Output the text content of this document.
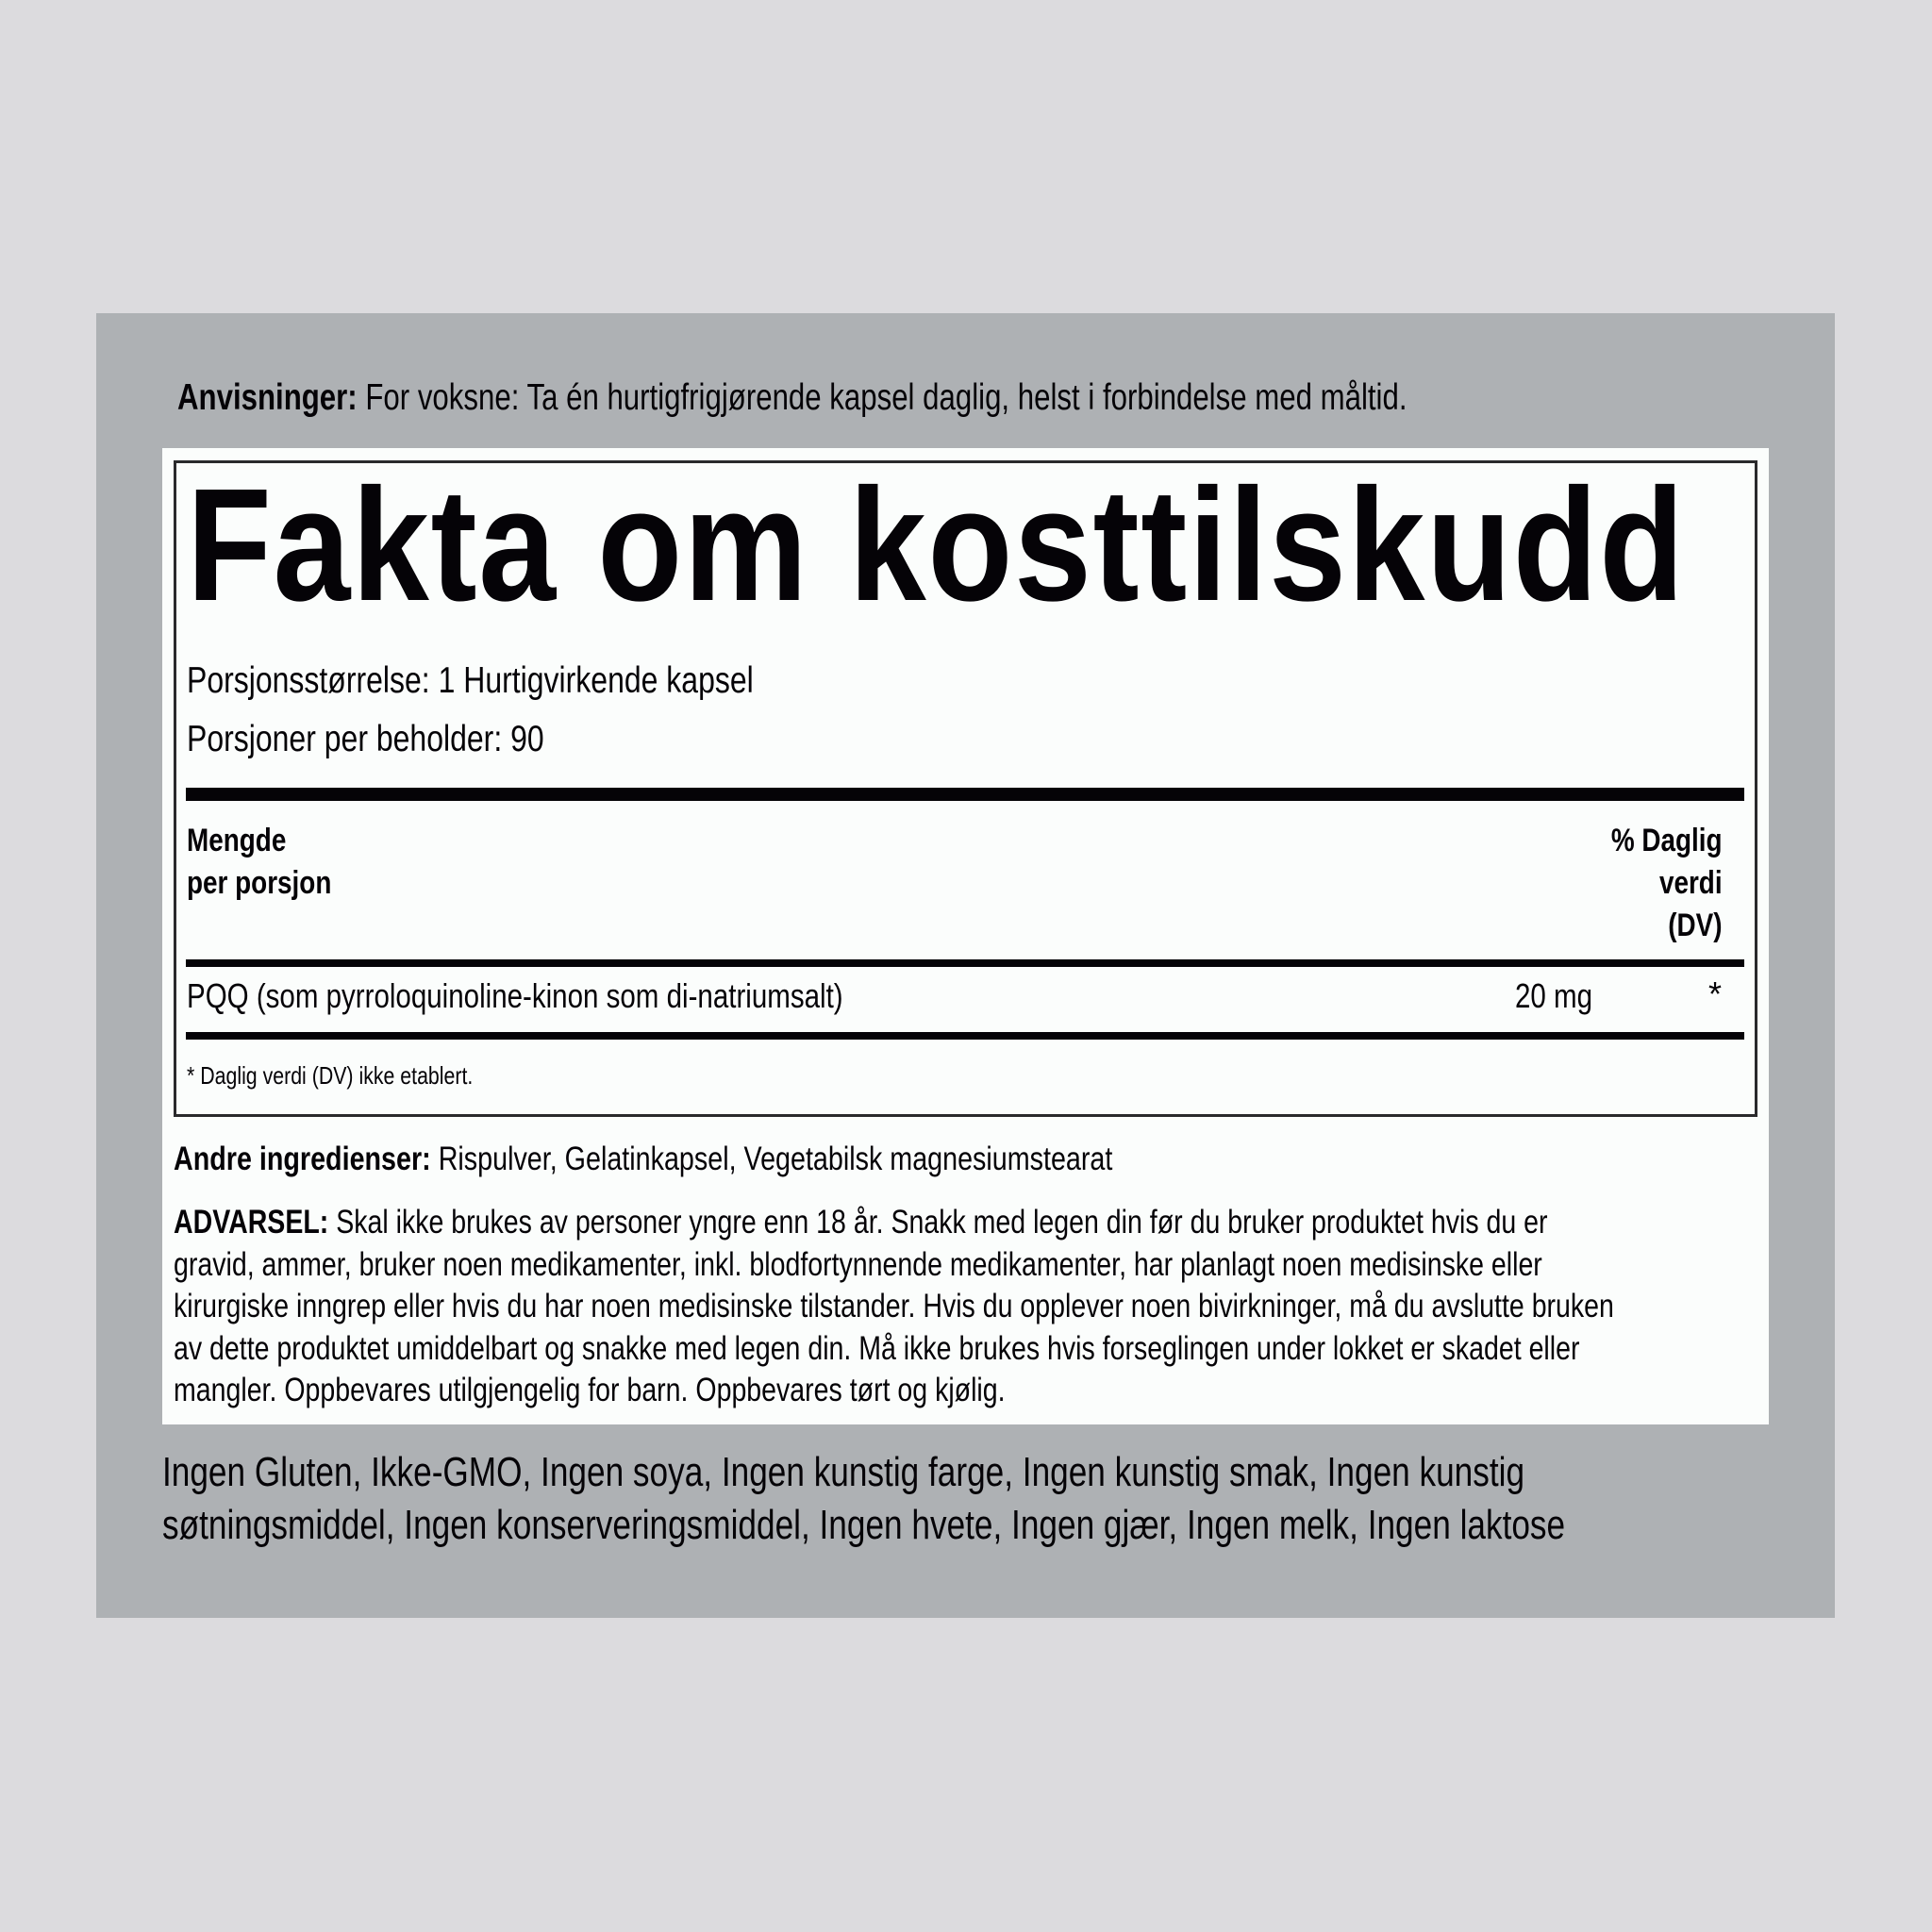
Anvisninger: For voksne: Ta én hurtigfrigjørende kapsel daglig, helst i forbindelse med måltid.
Fakta om kosttilskudd
Porsjonsstørrelse: 1 Hurtigvirkende kapsel
Porsjoner per beholder: 90
Mengde
per porsjon
% Daglig
verdi
(DV)
PQQ (som pyrroloquinoline-kinon som di-natriumsalt)	20 mg	*
* Daglig verdi (DV) ikke etablert.
Andre ingredienser: Rispulver, Gelatinkapsel, Vegetabilsk magnesiumstearat
ADVARSEL: Skal ikke brukes av personer yngre enn 18 år. Snakk med legen din før du bruker produktet hvis du er
gravid, ammer, bruker noen medikamenter, inkl. blodfortynnende medikamenter, har planlagt noen medisinske eller
kirurgiske inngrep eller hvis du har noen medisinske tilstander. Hvis du opplever noen bivirkninger, må du avslutte bruken
av dette produktet umiddelbart og snakke med legen din. Må ikke brukes hvis forseglingen under lokket er skadet eller
mangler. Oppbevares utilgjengelig for barn. Oppbevares tørt og kjølig.
Ingen Gluten, Ikke-GMO, Ingen soya, Ingen kunstig farge, Ingen kunstig smak, Ingen kunstig
søtningsmiddel, Ingen konserveringsmiddel, Ingen hvete, Ingen gjær, Ingen melk, Ingen laktose
